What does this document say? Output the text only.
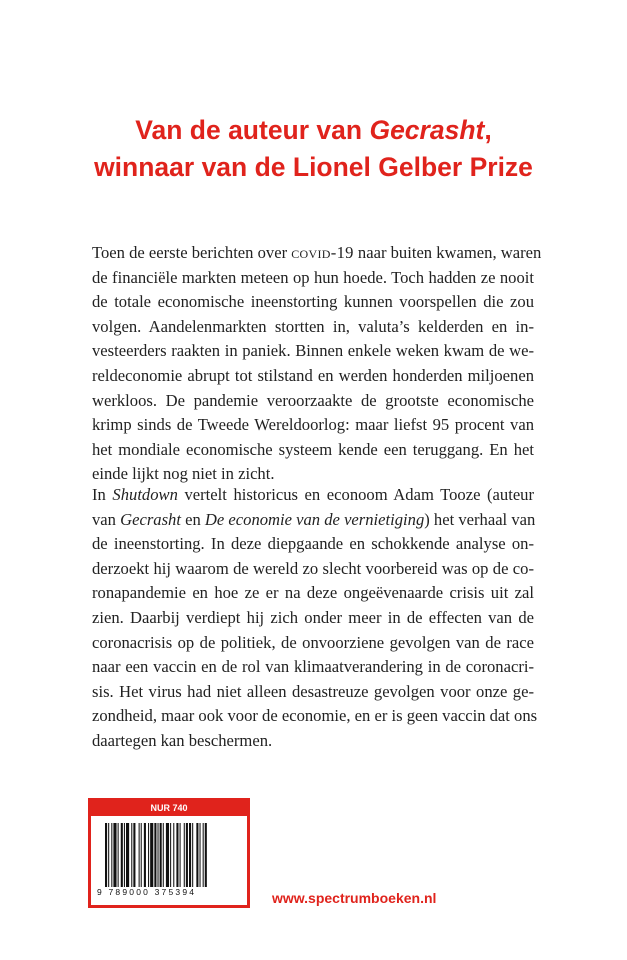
Van de auteur van Gecrasht,
winnaar van de Lionel Gelber Prize
Toen de eerste berichten over covid-19 naar buiten kwamen, waren
de financiële markten meteen op hun hoede. Toch hadden ze nooit
de totale economische ineenstorting kunnen voorspellen die zou
volgen. Aandelenmarkten stortten in, valuta’s kelderden en in-
vesteerders raakten in paniek. Binnen enkele weken kwam de we-
reldeconomie abrupt tot stilstand en werden honderden miljoenen
werkloos. De pandemie veroorzaakte de grootste economische
krimp sinds de Tweede Wereldoorlog: maar liefst 95 procent van
het mondiale economische systeem kende een teruggang. En het
einde lijkt nog niet in zicht.
In Shutdown vertelt historicus en econoom Adam Tooze (auteur
van Gecrasht en De economie van de vernietiging) het verhaal van
de ineenstorting. In deze diepgaande en schokkende analyse on-
derzoekt hij waarom de wereld zo slecht voorbereid was op de co-
ronapandemie en hoe ze er na deze ongeëvenaarde crisis uit zal
zien. Daarbij verdiept hij zich onder meer in de effecten van de
coronacrisis op de politiek, de onvoorziene gevolgen van de race
naar een vaccin en de rol van klimaatverandering in de coronacri-
sis. Het virus had niet alleen desastreuze gevolgen voor onze ge-
zondheid, maar ook voor de economie, en er is geen vaccin dat ons
daartegen kan beschermen.
NUR 740
9 789000 375394	www.spectrumboeken.nl
